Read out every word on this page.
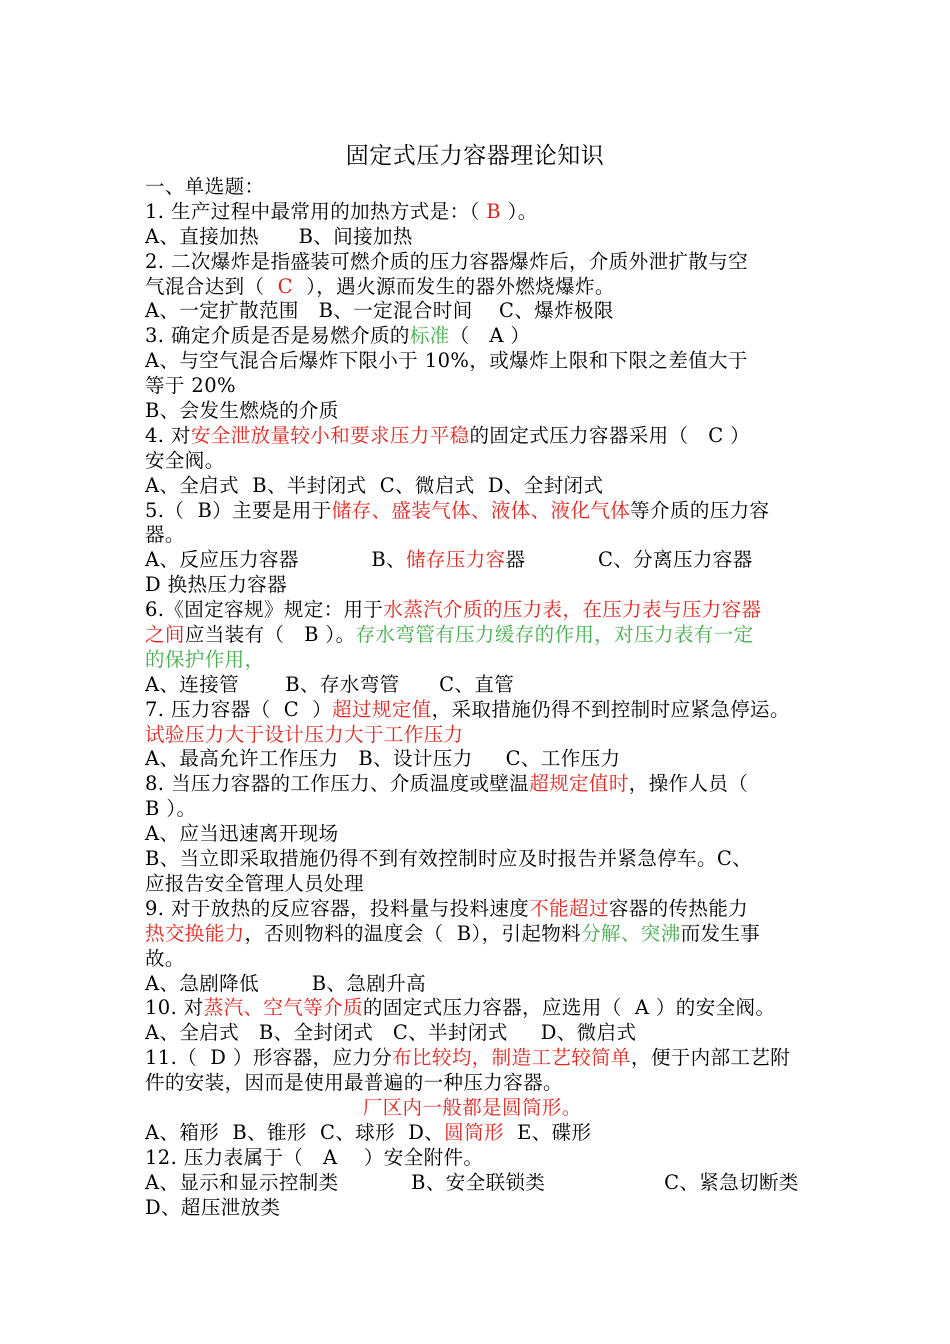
固定式压力容器理论知识
一、单选题：
1. 生产过程中最常用的加热方式是：（ B ）。
A、直接加热      B、间接加热
2. 二次爆炸是指盛装可燃介质的压力容器爆炸后，介质外泄扩散与空
气混合达到（  C  ），遇火源而发生的器外燃烧爆炸。
A、一定扩散范围   B、一定混合时间    C、爆炸极限
3. 确定介质是否是易燃介质的标准（   A ）
A、与空气混合后爆炸下限小于 10%，或爆炸上限和下限之差值大于
等于 20%
B、会发生燃烧的介质
4. 对安全泄放量较小和要求压力平稳的固定式压力容器采用（   C ）
安全阀。
A、全启式  B、半封闭式  C、微启式  D、全封闭式
5.（  B）主要是用于储存、盛装气体、液体、液化气体等介质的压力容
器。
A、反应压力容器           B、储存压力容器           C、分离压力容器
D 换热压力容器
6.《固定容规》规定：用于水蒸汽介质的压力表，在压力表与压力容器
之间应当装有（   B ）。存水弯管有压力缓存的作用，对压力表有一定
的保护作用，
A、连接管       B、存水弯管      C、直管
7. 压力容器（  C  ）超过规定值，采取措施仍得不到控制时应紧急停运。
试验压力大于设计压力大于工作压力
A、最高允许工作压力   B、设计压力     C、工作压力
8. 当压力容器的工作压力、介质温度或壁温超规定值时，操作人员（
B ）。
A、应当迅速离开现场
B、当立即采取措施仍得不到有效控制时应及时报告并紧急停车。C、
应报告安全管理人员处理
9. 对于放热的反应容器，投料量与投料速度不能超过容器的传热能力
热交换能力，否则物料的温度会（  B），引起物料分解、突沸而发生事
故。
A、急剧降低        B、急剧升高
10. 对蒸汽、空气等介质的固定式压力容器，应选用（  A ）的安全阀。
A、全启式   B、全封闭式   C、半封闭式     D、微启式
11.（  D ）形容器，应力分布比较均，制造工艺较简单，便于内部工艺附
件的安装，因而是使用最普遍的一种压力容器。
厂区内一般都是圆筒形。
A、箱形  B、锥形  C、球形  D、圆筒形  E、碟形
12. 压力表属于（   A    ）安全附件。
A、显示和显示控制类           B、安全联锁类                  C、紧急切断类
D、超压泄放类
